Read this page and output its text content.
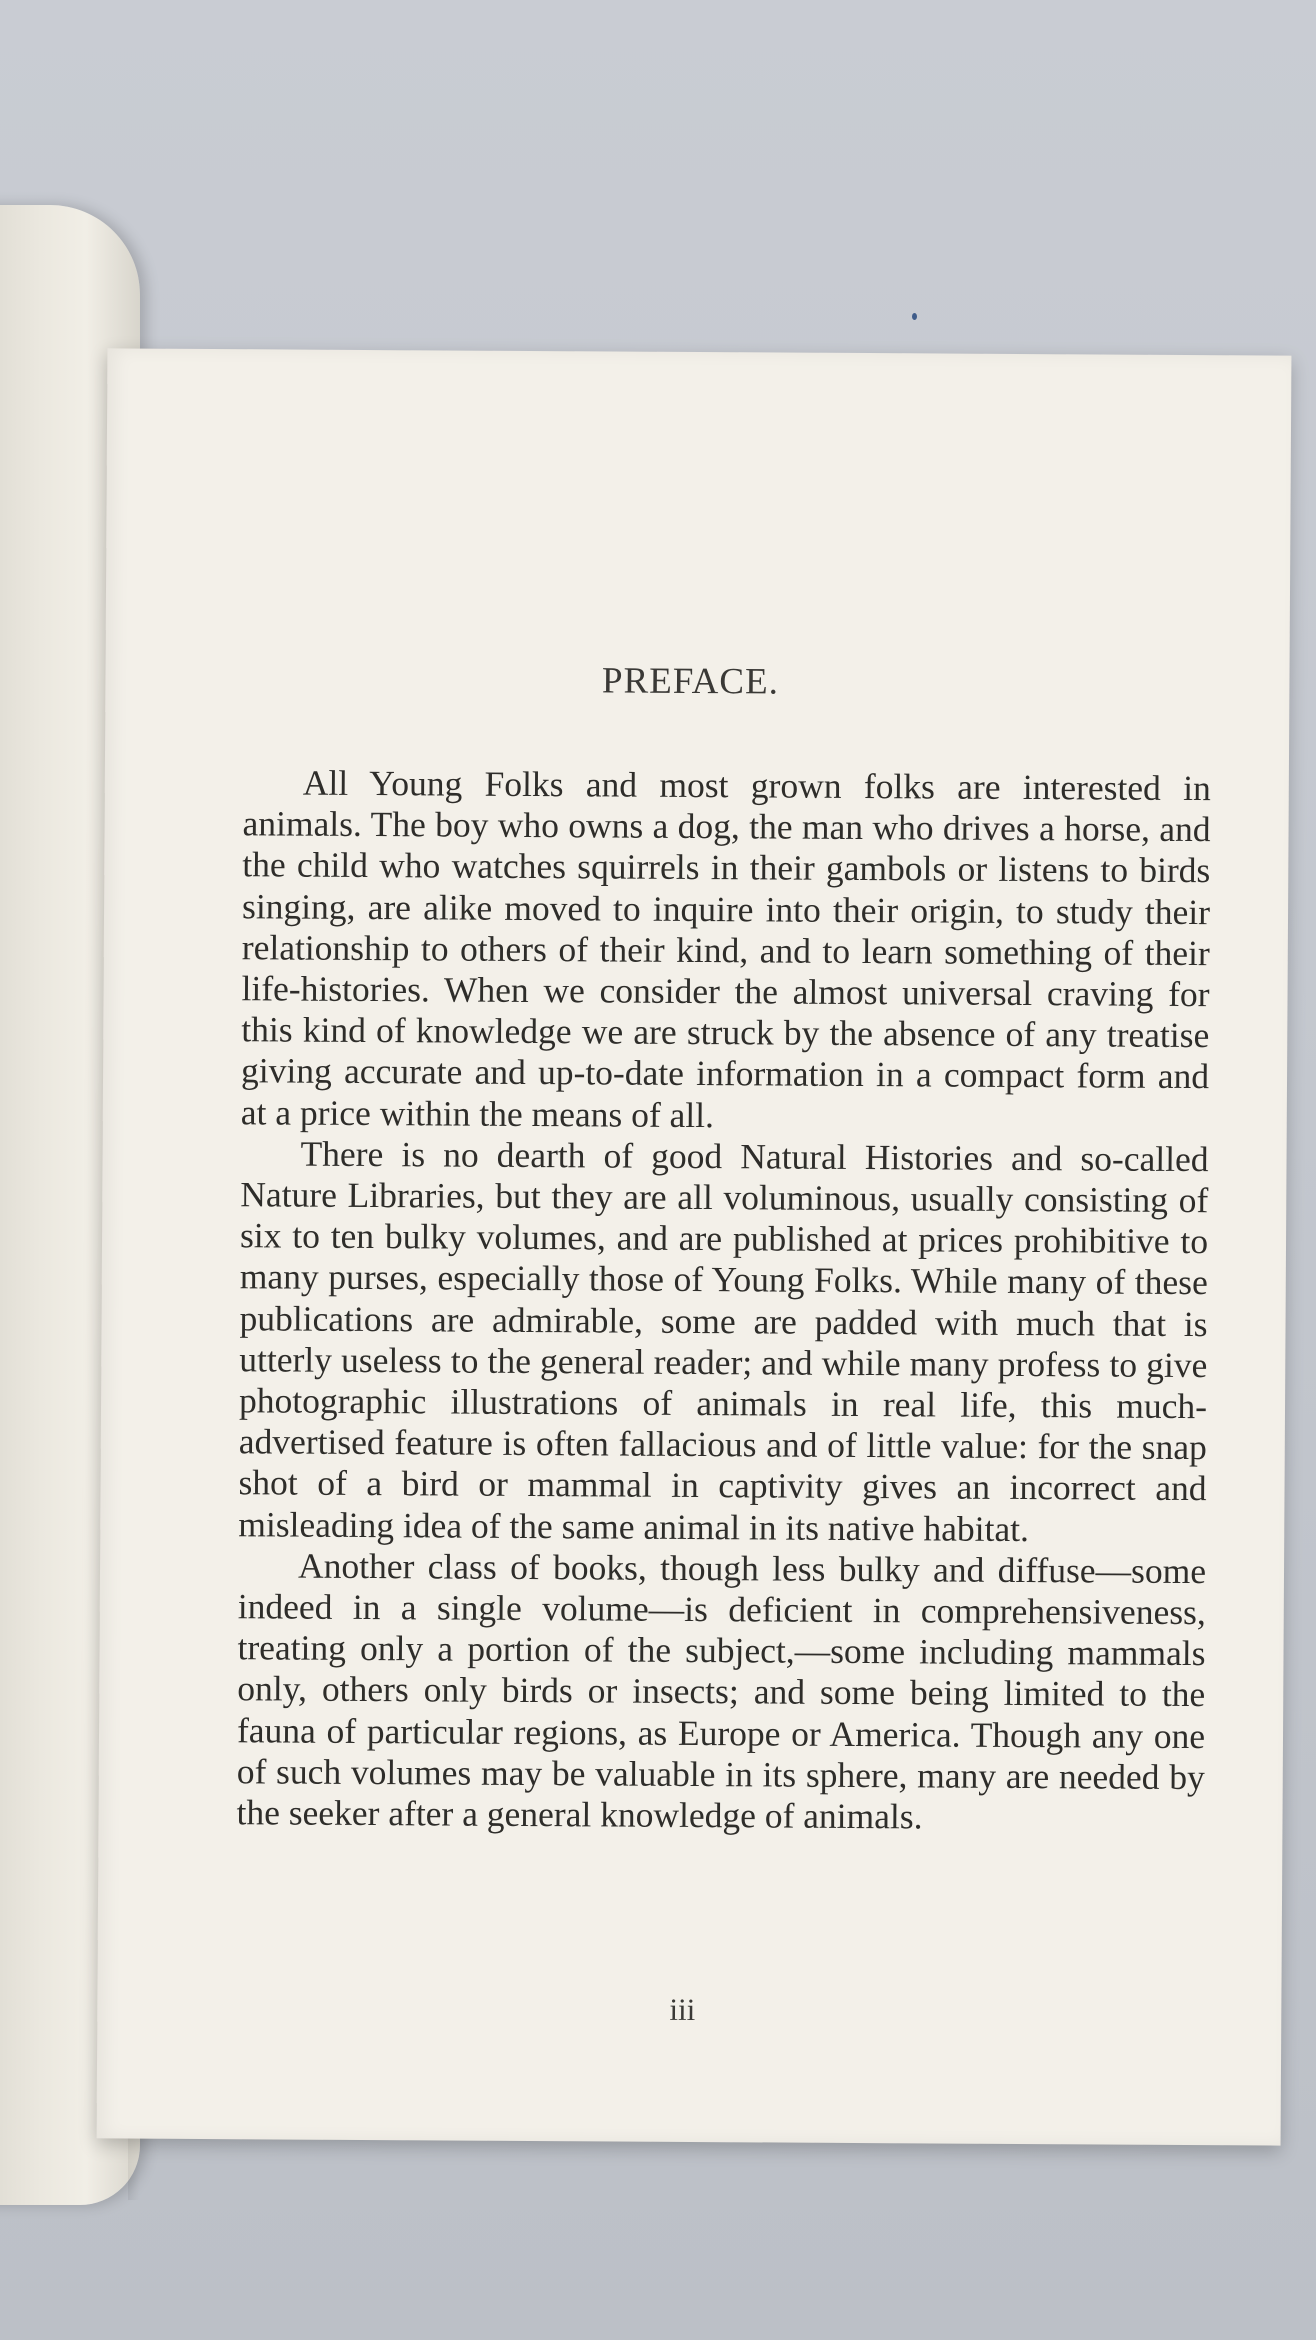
PREFACE.

All Young Folks and most grown folks are interested in animals. The boy who owns a dog, the man who drives a horse, and the child who watches squirrels in their gambols or listens to birds singing, are alike moved to inquire into their origin, to study their relationship to others of their kind, and to learn something of their life-histories. When we consider the almost universal craving for this kind of knowledge we are struck by the absence of any treatise giving accurate and up-to-date information in a compact form and at a price within the means of all.

There is no dearth of good Natural Histories and so-called Nature Libraries, but they are all voluminous, usually consisting of six to ten bulky volumes, and are published at prices prohibitive to many purses, especially those of Young Folks. While many of these publications are admirable, some are padded with much that is utterly useless to the general reader; and while many profess to give photographic illustrations of animals in real life, this much-advertised feature is often fallacious and of little value: for the snap shot of a bird or mammal in captivity gives an incorrect and misleading idea of the same animal in its native habitat.

Another class of books, though less bulky and diffuse—some indeed in a single volume—is deficient in comprehensiveness, treating only a portion of the subject,—some including mammals only, others only birds or insects; and some being limited to the fauna of particular regions, as Europe or America. Though any one of such volumes may be valuable in its sphere, many are needed by the seeker after a general knowledge of animals.

iii
